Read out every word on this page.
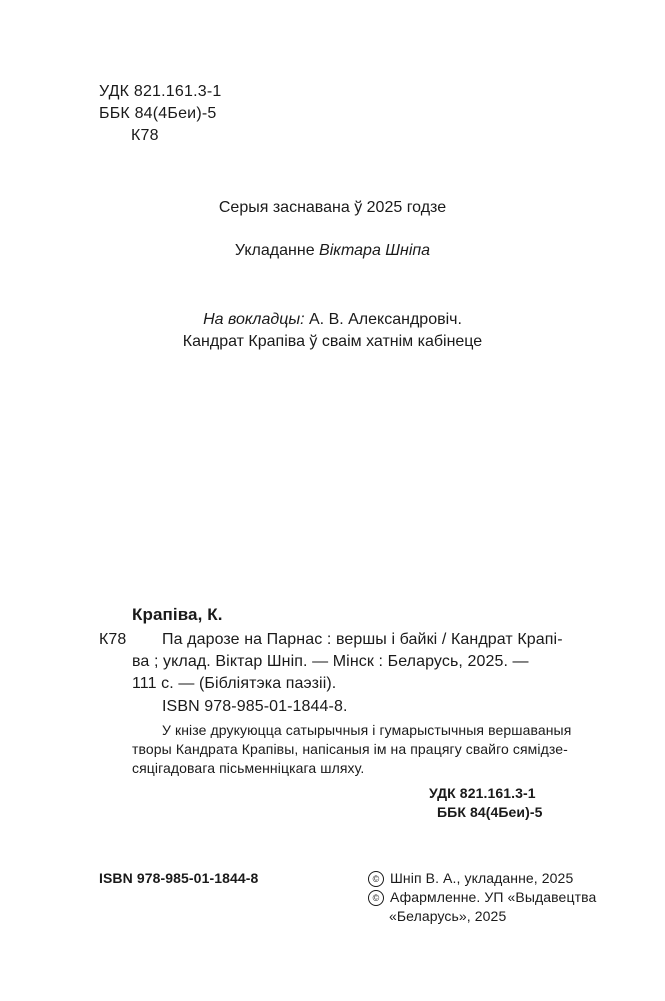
УДК 821.161.3-1
ББК 84(4Беи)-5
К78
Серыя заснавана ў 2025 годзе
Укладанне Віктара Шніпа
На вокладцы: А. В. Александровіч.
Кандрат Крапіва ў сваім хатнім кабінеце
Крапіва, К.
К78 Па дарозе на Парнас : вершы і байкі / Кандрат Крапі-
ва ; уклад. Віктар Шніп. — Мінск : Беларусь, 2025. —
111 с. — (Бібліятэка паэзіі).
ISBN 978-985-01-1844-8.
У кнізе друкуюцца сатырычныя і гумарыстычныя вершаваныя
творы Кандрата Крапівы, напісаныя ім на працягу свайго сямідзе-
сяцігадовага пісьменніцкага шляху.
УДК 821.161.3-1
ББК 84(4Беи)-5
ISBN 978-985-01-1844-8	© Шніп В. А., укладанне, 2025
© Афармленне. УП «Выдавецтва
«Беларусь», 2025
